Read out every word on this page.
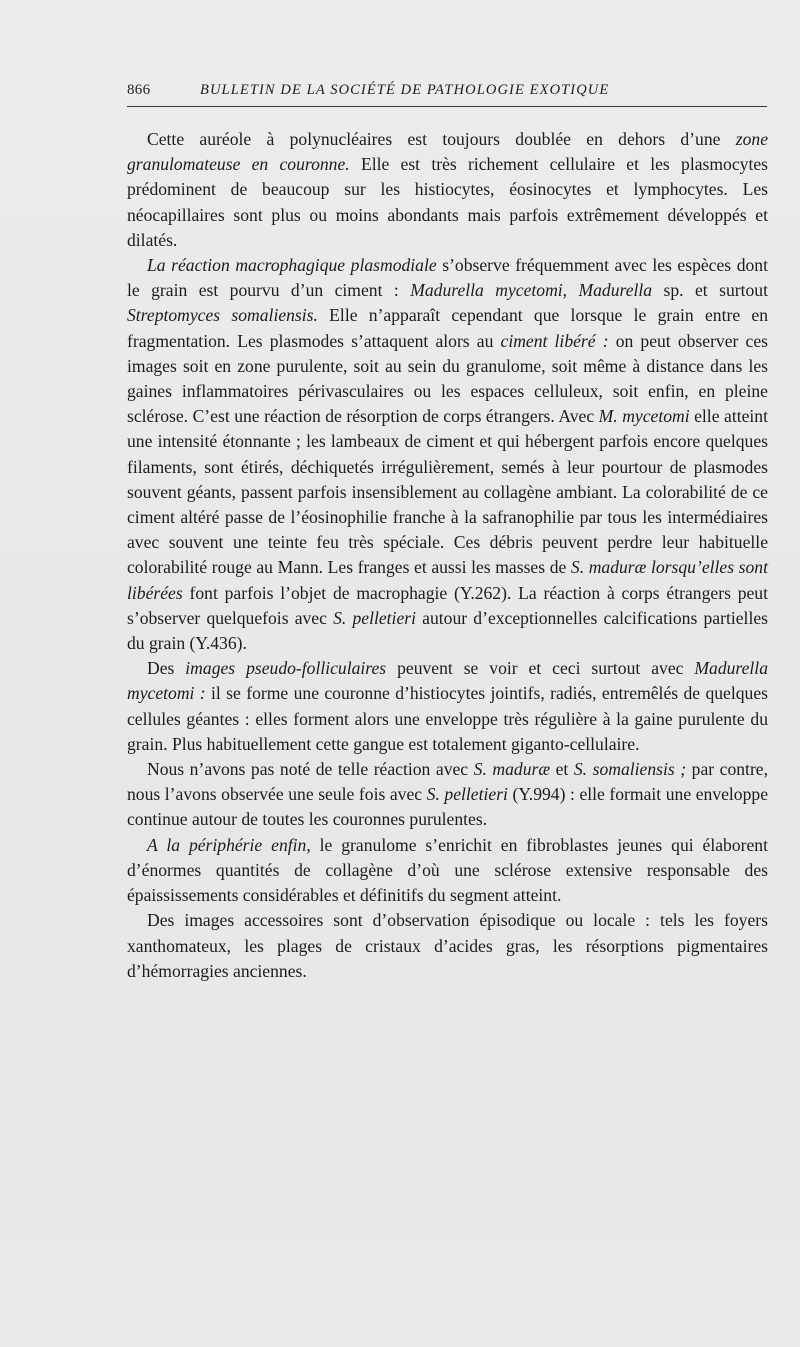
866	BULLETIN DE LA SOCIÉTÉ DE PATHOLOGIE EXOTIQUE

Cette auréole à polynucléaires est toujours doublée en dehors d’une zone granulomateuse en couronne. Elle est très richement cellulaire et les plasmocytes prédominent de beaucoup sur les histiocytes, éosinocytes et lymphocytes. Les néocapillaires sont plus ou moins abondants mais parfois extrêmement développés et dilatés.

La réaction macrophagique plasmodiale s’observe fréquemment avec les espèces dont le grain est pourvu d’un ciment : Madurella mycetomi, Madurella sp. et surtout Streptomyces somaliensis. Elle n’apparaît cependant que lorsque le grain entre en fragmentation. Les plasmodes s’attaquent alors au ciment libéré : on peut observer ces images soit en zone purulente, soit au sein du granulome, soit même à distance dans les gaines inflammatoires périvasculaires ou les espaces celluleux, soit enfin, en pleine sclérose. C’est une réaction de résorption de corps étrangers. Avec M. mycetomi elle atteint une intensité étonnante ; les lambeaux de ciment et qui hébergent parfois encore quelques filaments, sont étirés, déchiquetés irrégulièrement, semés à leur pourtour de plasmodes souvent géants, passent parfois insensiblement au collagène ambiant. La colorabilité de ce ciment altéré passe de l’éosinophilie franche à la safranophilie par tous les intermédiaires avec souvent une teinte feu très spéciale. Ces débris peuvent perdre leur habituelle colorabilité rouge au Mann. Les franges et aussi les masses de S. maduræ lorsqu’elles sont libérées font parfois l’objet de macrophagie (Y.262). La réaction à corps étrangers peut s’observer quelquefois avec S. pelletieri autour d’exceptionnelles calcifications partielles du grain (Y.436).

Des images pseudo-folliculaires peuvent se voir et ceci surtout avec Madurella mycetomi : il se forme une couronne d’histiocytes jointifs, radiés, entremêlés de quelques cellules géantes : elles forment alors une enveloppe très régulière à la gaine purulente du grain. Plus habituellement cette gangue est totalement giganto-cellulaire.

Nous n’avons pas noté de telle réaction avec S. maduræ et S. somaliensis ; par contre, nous l’avons observée une seule fois avec S. pelletieri (Y.994) : elle formait une enveloppe continue autour de toutes les couronnes purulentes.

A la périphérie enfin, le granulome s’enrichit en fibroblastes jeunes qui élaborent d’énormes quantités de collagène d’où une sclérose extensive responsable des épaississements considérables et définitifs du segment atteint.

Des images accessoires sont d’observation épisodique ou locale : tels les foyers xanthomateux, les plages de cristaux d’acides gras, les résorptions pigmentaires d’hémorragies anciennes.
